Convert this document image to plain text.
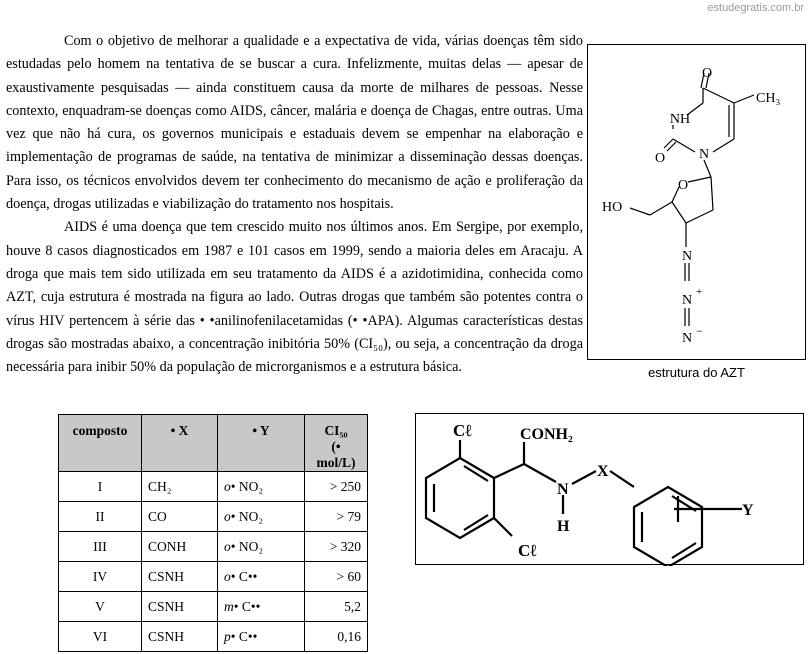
estudegratis.com.br

Com o objetivo de melhorar a qualidade e a expectativa de vida, várias doenças têm sido estudadas pelo homem na tentativa de se buscar a cura. Infelizmente, muitas delas — apesar de exaustivamente pesquisadas — ainda constituem causa da morte de milhares de pessoas. Nesse contexto, enquadram-se doenças como AIDS, câncer, malária e doença de Chagas, entre outras. Uma vez que não há cura, os governos municipais e estaduais devem se empenhar na elaboração e implementação de programas de saúde, na tentativa de minimizar a disseminação dessas doenças. Para isso, os técnicos envolvidos devem ter conhecimento do mecanismo de ação e proliferação da doença, drogas utilizadas e viabilização do tratamento nos hospitais.

AIDS é uma doença que tem crescido muito nos últimos anos. Em Sergipe, por exemplo, houve 8 casos diagnosticados em 1987 e 101 casos em 1999, sendo a maioria deles em Aracaju. A droga que mais tem sido utilizada em seu tratamento da AIDS é a azidotimidina, conhecida como AZT, cuja estrutura é mostrada na figura ao lado. Outras drogas que também são potentes contra o vírus HIV pertencem à série das • •anilinofenilacetamidas (• •APA). Algumas características destas drogas são mostradas abaixo, a concentração inibitória 50% (CI₅₀), ou seja, a concentração da droga necessária para inibir 50% da população de microrganismos e a estrutura básica.

O
CH₃
NH
O N
O
HO
N
N
+
N −
estrutura do AZT
composto	• X	• Y	CI₅₀
(• mol/L)

I	CH₂	o• NO₂	> 250
II	CO	o• NO₂	> 79
III	CONH	o• NO₂	> 320
IV	CSNH	o• C••	> 60
V	CSNH	m• C••	5,2
VI	CSNH	p• C••	0,16
Cℓ	CONH₂
N
H
X
Y
Cℓ
